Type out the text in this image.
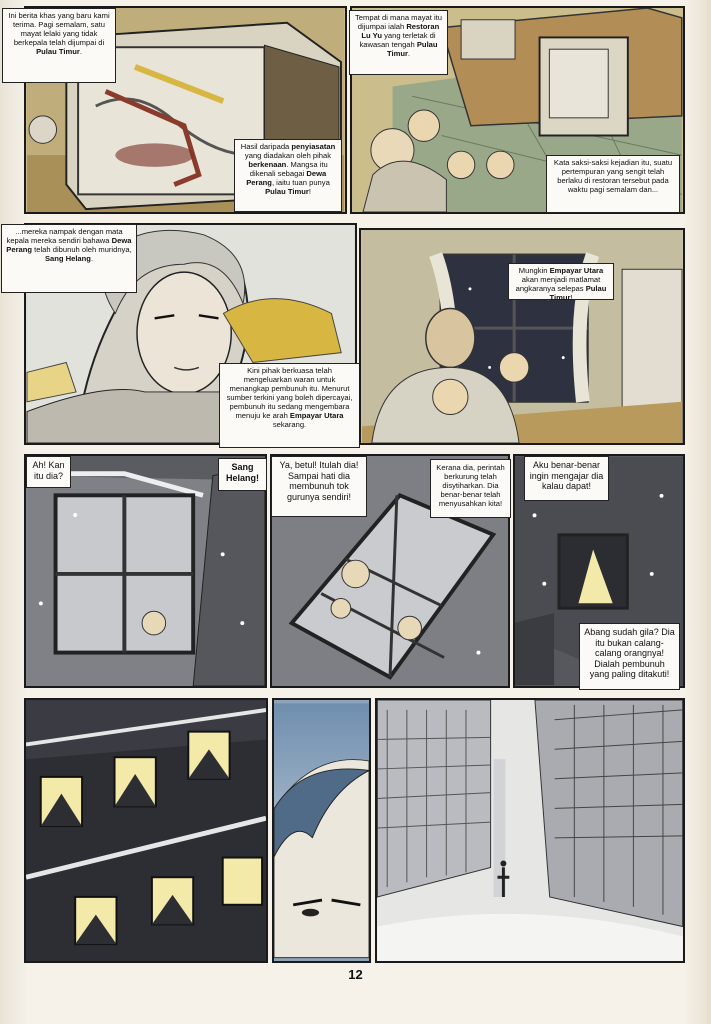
Ini berita khas yang baru kami terima. Pagi semalam, satu mayat lelaki yang tidak berkepala telah dijumpai di Pulau Timur.
Hasil daripada penyiasatan yang diadakan oleh pihak berkenaan. Mangsa itu dikenali sebagai Dewa Perang, iaitu tuan punya Pulau Timur!
Tempat di mana mayat itu dijumpai ialah Restoran Lu Yu yang terletak di kawasan tengah Pulau Timur.
Kata saksi-saksi kejadian itu, suatu pertempuran yang sengit telah berlaku di restoran tersebut pada waktu pagi semalam dan...
...mereka nampak dengan mata kepala mereka sendiri bahawa Dewa Perang telah dibunuh oleh muridnya, Sang Helang.
Kini pihak berkuasa telah mengeluarkan waran untuk menangkap pembunuh itu. Menurut sumber terkini yang boleh dipercayai, pembunuh itu sedang mengembara menuju ke arah Empayar Utara sekarang.
Mungkin Empayar Utara akan menjadi matlamat angkaranya selepas Pulau Timur!
Ah! Kan itu dia?
Sang Helang!
Ya, betul! Itulah dia! Sampai hati dia membunuh tok gurunya sendiri!
Kerana dia, perintah berkurung telah disytiharkan. Dia benar-benar telah menyusahkan kita!
Aku benar-benar ingin mengajar dia kalau dapat!
Abang sudah gila? Dia itu bukan calang-calang orangnya! Dialah pembunuh yang paling ditakuti!
12
